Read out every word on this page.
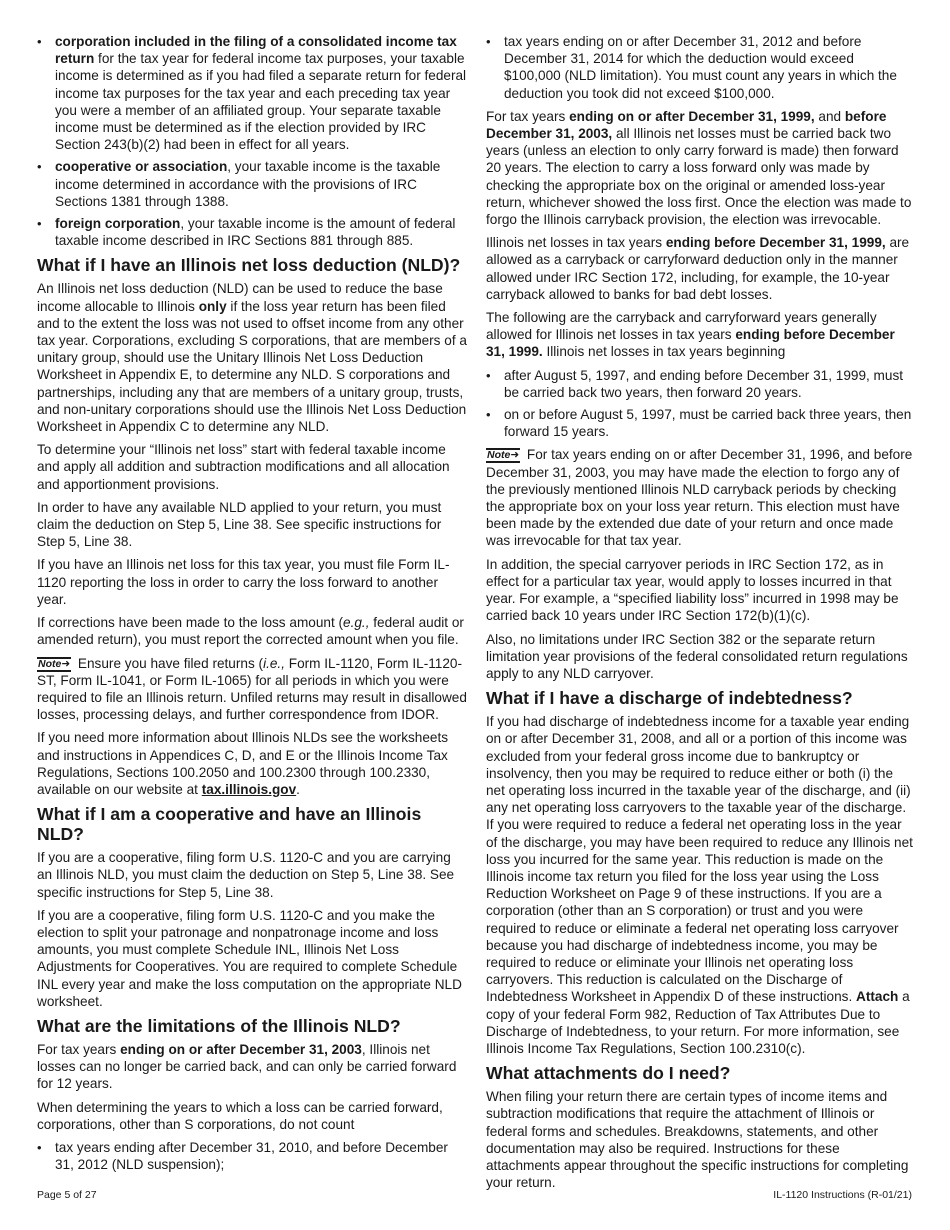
• corporation included in the filing of a consolidated income tax return for the tax year for federal income tax purposes, your taxable income is determined as if you had filed a separate return for federal income tax purposes for the tax year and each preceding tax year you were a member of an affiliated group. Your separate taxable income must be determined as if the election provided by IRC Section 243(b)(2) had been in effect for all years.
• cooperative or association, your taxable income is the taxable income determined in accordance with the provisions of IRC Sections 1381 through 1388.
• foreign corporation, your taxable income is the amount of federal taxable income described in IRC Sections 881 through 885.
What if I have an Illinois net loss deduction (NLD)?

An Illinois net loss deduction (NLD) can be used to reduce the base income allocable to Illinois only if the loss year return has been filed and to the extent the loss was not used to offset income from any other tax year. Corporations, excluding S corporations, that are members of a unitary group, should use the Unitary Illinois Net Loss Deduction Worksheet in Appendix E, to determine any NLD. S corporations and partnerships, including any that are members of a unitary group, trusts, and non-unitary corporations should use the Illinois Net Loss Deduction Worksheet in Appendix C to determine any NLD.

To determine your “Illinois net loss” start with federal taxable income and apply all addition and subtraction modifications and all allocation and apportionment provisions.

In order to have any available NLD applied to your return, you must claim the deduction on Step 5, Line 38. See specific instructions for Step 5, Line 38.

If you have an Illinois net loss for this tax year, you must file Form IL-1120 reporting the loss in order to carry the loss forward to another year.

If corrections have been made to the loss amount (e.g., federal audit or amended return), you must report the corrected amount when you file.

Note➜ Ensure you have filed returns (i.e., Form IL-1120, Form IL-1120-ST, Form IL-1041, or Form IL-1065) for all periods in which you were required to file an Illinois return. Unfiled returns may result in disallowed losses, processing delays, and further correspondence from IDOR.

If you need more information about Illinois NLDs see the worksheets and instructions in Appendices C, D, and E or the Illinois Income Tax Regulations, Sections 100.2050 and 100.2300 through 100.2330, available on our website at tax.illinois.gov.

What if I am a cooperative and have an Illinois NLD?

If you are a cooperative, filing form U.S. 1120-C and you are carrying an Illinois NLD, you must claim the deduction on Step 5, Line 38. See specific instructions for Step 5, Line 38.

If you are a cooperative, filing form U.S. 1120-C and you make the election to split your patronage and nonpatronage income and loss amounts, you must complete Schedule INL, Illinois Net Loss Adjustments for Cooperatives. You are required to complete Schedule INL every year and make the loss computation on the appropriate NLD worksheet.

What are the limitations of the Illinois NLD?

For tax years ending on or after December 31, 2003, Illinois net losses can no longer be carried back, and can only be carried forward for 12 years.

When determining the years to which a loss can be carried forward, corporations, other than S corporations, do not count

• tax years ending after December 31, 2010, and before December 31, 2012 (NLD suspension);
• tax years ending on or after December 31, 2012 and before December 31, 2014 for which the deduction would exceed $100,000 (NLD limitation). You must count any years in which the deduction you took did not exceed $100,000.

For tax years ending on or after December 31, 1999, and before December 31, 2003, all Illinois net losses must be carried back two years (unless an election to only carry forward is made) then forward 20 years. The election to carry a loss forward only was made by checking the appropriate box on the original or amended loss-year return, whichever showed the loss first. Once the election was made to forgo the Illinois carryback provision, the election was irrevocable.

Illinois net losses in tax years ending before December 31, 1999, are allowed as a carryback or carryforward deduction only in the manner allowed under IRC Section 172, including, for example, the 10-year carryback allowed to banks for bad debt losses.

The following are the carryback and carryforward years generally allowed for Illinois net losses in tax years ending before December 31, 1999. Illinois net losses in tax years beginning

• after August 5, 1997, and ending before December 31, 1999, must be carried back two years, then forward 20 years.
• on or before August 5, 1997, must be carried back three years, then forward 15 years.

Note➜ For tax years ending on or after December 31, 1996, and before December 31, 2003, you may have made the election to forgo any of the previously mentioned Illinois NLD carryback periods by checking the appropriate box on your loss year return. This election must have been made by the extended due date of your return and once made was irrevocable for that tax year.

In addition, the special carryover periods in IRC Section 172, as in effect for a particular tax year, would apply to losses incurred in that year. For example, a “specified liability loss” incurred in 1998 may be carried back 10 years under IRC Section 172(b)(1)(c).

Also, no limitations under IRC Section 382 or the separate return limitation year provisions of the federal consolidated return regulations apply to any NLD carryover.

What if I have a discharge of indebtedness?

If you had discharge of indebtedness income for a taxable year ending on or after December 31, 2008, and all or a portion of this income was excluded from your federal gross income due to bankruptcy or insolvency, then you may be required to reduce either or both (i) the net operating loss incurred in the taxable year of the discharge, and (ii) any net operating loss carryovers to the taxable year of the discharge. If you were required to reduce a federal net operating loss in the year of the discharge, you may have been required to reduce any Illinois net loss you incurred for the same year. This reduction is made on the Illinois income tax return you filed for the loss year using the Loss Reduction Worksheet on Page 9 of these instructions. If you are a corporation (other than an S corporation) or trust and you were required to reduce or eliminate a federal net operating loss carryover because you had discharge of indebtedness income, you may be required to reduce or eliminate your Illinois net operating loss carryovers. This reduction is calculated on the Discharge of Indebtedness Worksheet in Appendix D of these instructions. Attach a copy of your federal Form 982, Reduction of Tax Attributes Due to Discharge of Indebtedness, to your return. For more information, see Illinois Income Tax Regulations, Section 100.2310(c).

What attachments do I need?

When filing your return there are certain types of income items and subtraction modifications that require the attachment of Illinois or federal forms and schedules. Breakdowns, statements, and other documentation may also be required. Instructions for these attachments appear throughout the specific instructions for completing your return.

Page 5 of 27	IL-1120 Instructions (R-01/21)
